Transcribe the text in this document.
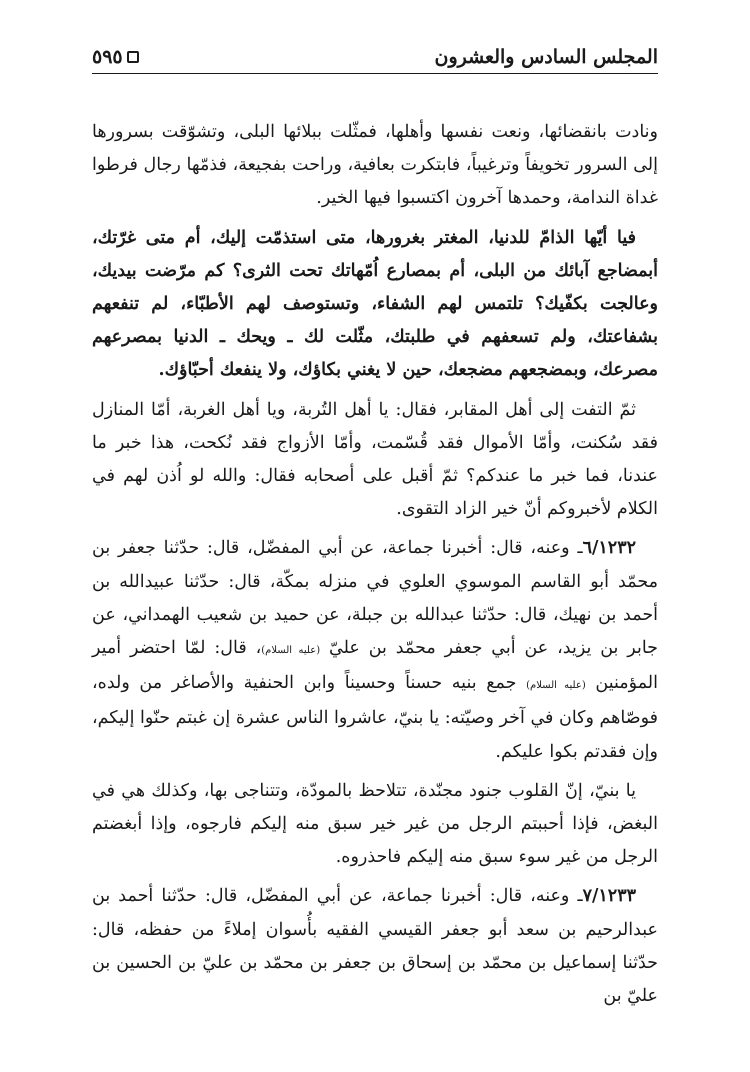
المجلس السادس والعشرون
٥٩٥

ونادت بانقضائها، ونعت نفسها وأهلها، فمثّلت ببلائها البلى، وتشوّقت بسرورها إلى السرور تخويفاً وترغيباً، فابتكرت بعافية، وراحت بفجيعة، فذمّها رجال فرطوا غداة الندامة، وحمدها آخرون اكتسبوا فيها الخير.

فيا أيّها الذامّ للدنيا، المغتر بغرورها، متى استذمّت إليك، أم متى غرّتك، أبمضاجع آبائك من البلى، أم بمصارع اُمّهاتك تحت الثرى؟ كم مرّضت بيديك، وعالجت بكفّيك؟ تلتمس لهم الشفاء، وتستوصف لهم الأطبّاء، لم تنفعهم بشفاعتك، ولم تسعفهم في طلبتك، مثّلت لك ـ ويحك ـ الدنيا بمصرعهم مصرعك، وبمضجعهم مضجعك، حين لا يغني بكاؤك، ولا ينفعك أحبّاؤك.

ثمّ التفت إلى أهل المقابر، فقال: يا أهل التُربة، ويا أهل الغربة، أمّا المنازل فقد سُكنت، وأمّا الأموال فقد قُسّمت، وأمّا الأزواج فقد نُكحت، هذا خبر ما عندنا، فما خبر ما عندكم؟ ثمّ أقبل على أصحابه فقال: والله لو اُذن لهم في الكلام لأخبروكم أنّ خير الزاد التقوى.

٦/١٢٣٢ـ وعنه، قال: أخبرنا جماعة، عن أبي المفضّل، قال: حدّثنا جعفر بن محمّد أبو القاسم الموسوي العلوي في منزله بمكّة، قال: حدّثنا عبيدالله بن أحمد بن نهيك، قال: حدّثنا عبدالله بن جبلة، عن حميد بن شعيب الهمداني، عن جابر بن يزيد، عن أبي جعفر محمّد بن عليّ (عليه السلام)، قال: لمّا احتضر أمير المؤمنين (عليه السلام) جمع بنيه حسناً وحسيناً وابن الحنفية والأصاغر من ولده، فوصّاهم وكان في آخر وصيّته: يا بنيّ، عاشروا الناس عشرة إن غبتم حنّوا إليكم، وإن فقدتم بكوا عليكم.

يا بنيّ، إنّ القلوب جنود مجنّدة، تتلاحظ بالمودّة، وتتناجى بها، وكذلك هي في البغض، فإذا أحببتم الرجل من غير خير سبق منه إليكم فارجوه، وإذا أبغضتم الرجل من غير سوء سبق منه إليكم فاحذروه.

٧/١٢٣٣ـ وعنه، قال: أخبرنا جماعة، عن أبي المفضّل، قال: حدّثنا أحمد بن عبدالرحيم بن سعد أبو جعفر القيسي الفقيه بأُسوان إملاءً من حفظه، قال: حدّثنا إسماعيل بن محمّد بن إسحاق بن جعفر بن محمّد بن عليّ بن الحسين بن عليّ بن
